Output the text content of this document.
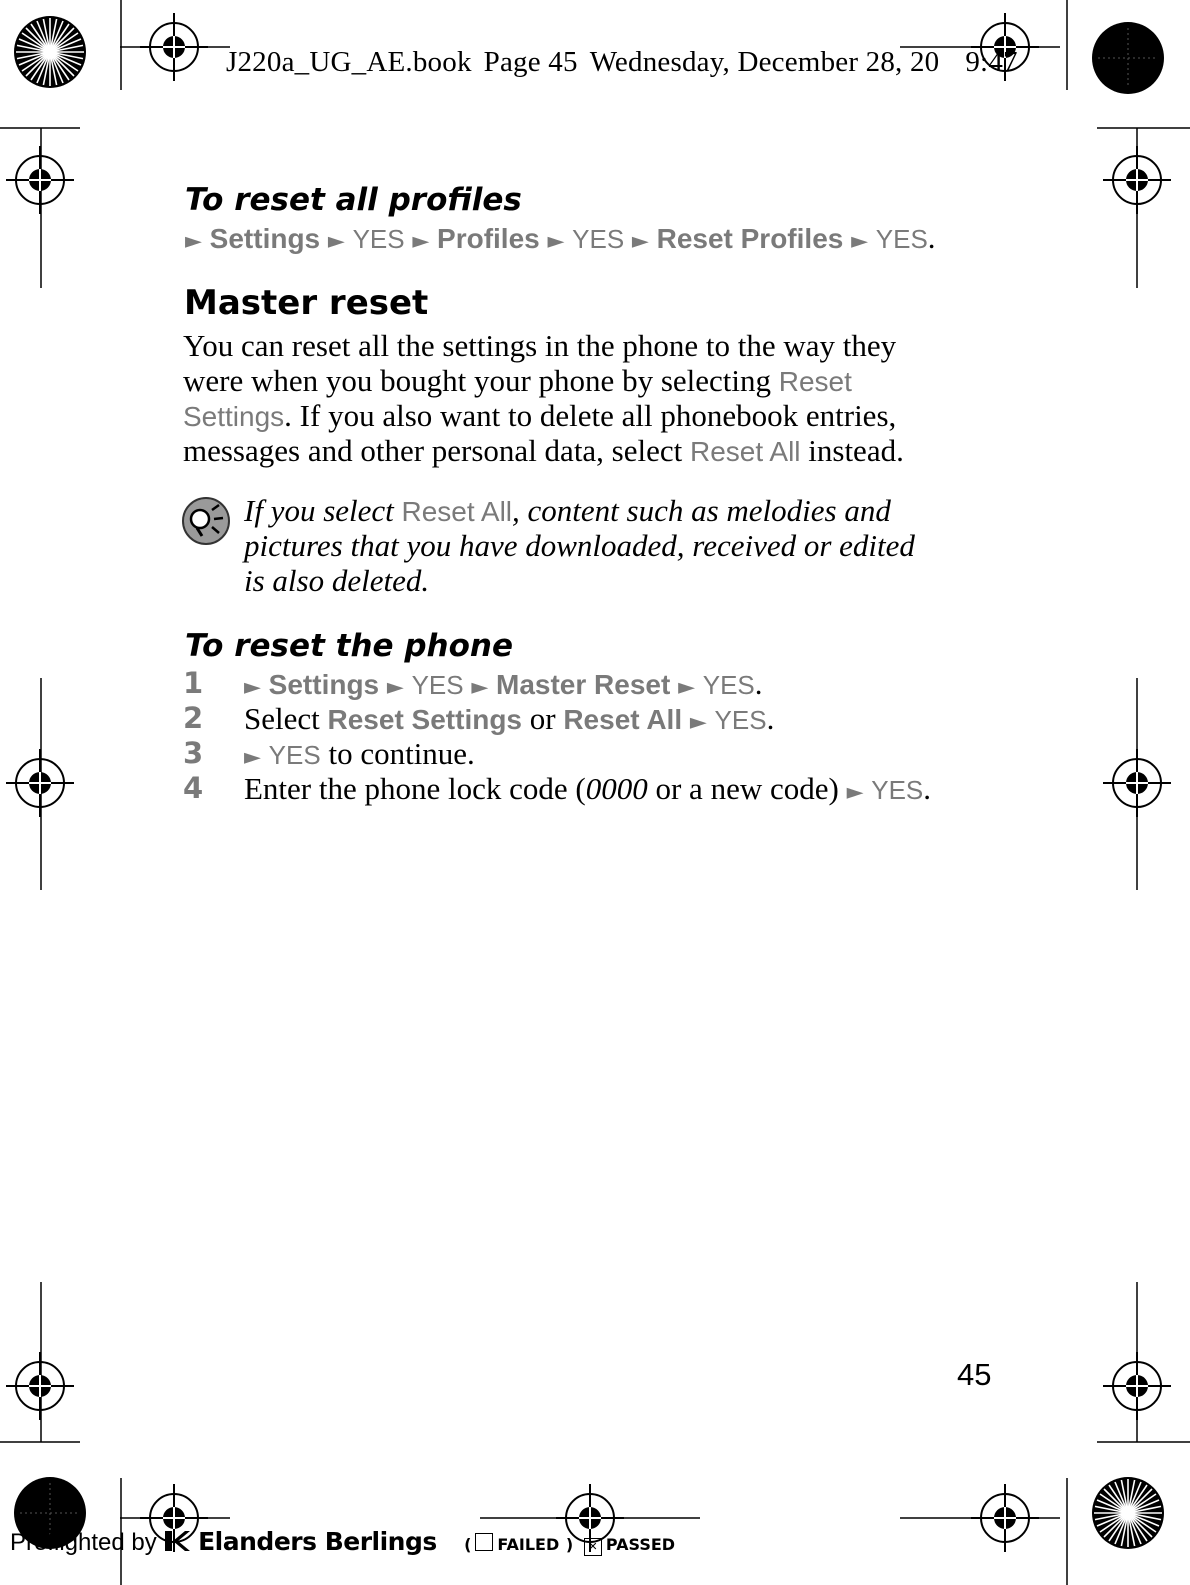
J220a_UG_AE.book Page 45 Wednesday, December 28, 20 9:47
To reset all profiles
► Settings ► YES ► Profiles ► YES ► Reset Profiles ► YES.
Master reset
You can reset all the settings in the phone to the way they
were when you bought your phone by selecting Reset
Settings. If you also want to delete all phonebook entries,
messages and other personal data, select Reset All instead.
If you select Reset All, content such as melodies and
pictures that you have downloaded, received or edited
is also deleted.
To reset the phone
1 ► Settings ► YES ► Master Reset ► YES.
2 Select Reset Settings or Reset All ► YES.
3 ► YES to continue.
4 Enter the phone lock code (0000 or a new code) ► YES.
45
Preflighted by Elanders Berlings ( FAILED ) × PASSED
